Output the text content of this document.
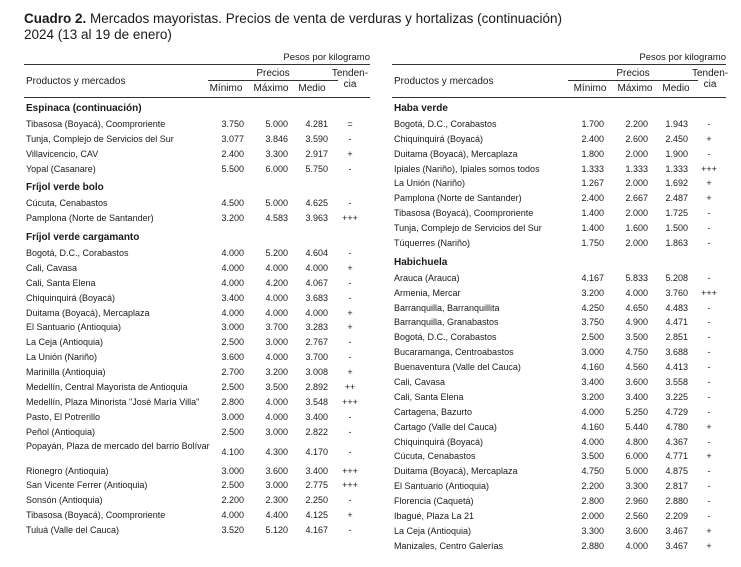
Cuadro 2. Mercados mayoristas. Precios de venta de verduras y hortalizas (continuación)
2024 (13 al 19 de enero)
Pesos por kilogramo
Precios
Productos y mercados
Mínimo	Máximo Medio
Tenden-
cia
Espinaca (continuación)
Tibasosa (Boyacá), Coomproriente	3.750	5.000	4.281	=
Tunja, Complejo de Servicios del Sur	3.077	3.846	3.590	-
Villavicencio, CAV	2.400	3.300	2.917	+
Yopal (Casanare)	5.500	6.000	5.750	-
Fríjol verde bolo
Cúcuta, Cenabastos	4.500	5.000	4.625	-
Pamplona (Norte de Santander)	3.200	4.583	3.963	+++
Fríjol verde cargamanto
Bogotá, D.C., Corabastos	4.000	5.200	4.604	-
Cali, Cavasa	4.000	4.000	4.000	+
Cali, Santa Elena	4.000	4.200	4.067	-
Chiquinquirá (Boyacá)	3.400	4.000	3.683	-
Duitama (Boyacá), Mercaplaza	4.000	4.000	4.000	+
El Santuario (Antioquia)	3.000	3.700	3.283	+
La Ceja (Antioquia)	2.500	3.000	2.767	-
La Unión (Nariño)	3.600	4.000	3.700	-
Marinilla (Antioquia)	2.700	3.200	3.008	+
Medellín, Central Mayorista de Antioquia	2.500	3.500	2.892	++
Medellín, Plaza Minorista "José María Villa"	2.800	4.000	3.548	+++
Pasto, El Potrerillo	3.000	4.000	3.400	-
Peñol (Antioquia)	2.500	3.000	2.822	-
Popayán, Plaza de mercado del barrio Bolívar
4.100	4.300	4.170	-
Rionegro (Antioquia)	3.000	3.600	3.400	+++
San Vicente Ferrer (Antioquia)	2.500	3.000	2.775	+++
Sonsón (Antioquia)	2.200	2.300	2.250	-
Tibasosa (Boyacá), Coomproriente	4.000	4.400	4.125	+
Tuluá (Valle del Cauca)	3.520	5.120	4.167	-
Pesos por kilogramo
Precios
Productos y mercados
Mínimo	Máximo Medio
Tenden-
cia
Haba verde
Bogotá, D.C., Corabastos	1.700	2.200	1.943	-
Chiquinquirá (Boyacá)	2.400	2.600	2.450	+
Duitama (Boyacá), Mercaplaza	1.800	2.000	1.900	-
Ipiales (Nariño), Ipiales somos todos	1.333	1.333	1.333	+++
La Unión (Nariño)	1.267	2.000	1.692	+
Pamplona (Norte de Santander)	2.400	2.667	2.487	+
Tibasosa (Boyacá), Coomproriente	1.400	2.000	1.725	-
Tunja, Complejo de Servicios del Sur	1.400	1.600	1.500	-
Túquerres (Nariño)	1.750	2.000	1.863	-
Habichuela
Arauca (Arauca)	4.167	5.833	5.208	-
Armenia, Mercar	3.200	4.000	3.760	+++
Barranquilla, Barranquillita	4.250	4.650	4.483	-
Barranquilla, Granabastos	3.750	4.900	4.471	-
Bogotá, D.C., Corabastos	2.500	3.500	2.851	-
Bucaramanga, Centroabastos	3.000	4.750	3.688	-
Buenaventura (Valle del Cauca)	4.160	4.560	4.413	-
Cali, Cavasa	3.400	3.600	3.558	-
Cali, Santa Elena	3.200	3.400	3.225	-
Cartagena, Bazurto	4.000	5.250	4.729	-
Cartago (Valle del Cauca)	4.160	5.440	4.780	+
Chiquinquirá (Boyacá)	4.000	4.800	4.367	-
Cúcuta, Cenabastos	3.500	6.000	4.771	+
Duitama (Boyacá), Mercaplaza	4.750	5.000	4.875	-
El Santuario (Antioquia)	2.200	3.300	2.817	-
Florencia (Caquetá)	2.800	2.960	2.880	-
Ibagué, Plaza La 21	2.000	2.560	2.209	-
La Ceja (Antioquia)	3.300	3.600	3.467	+
Manizales, Centro Galerías	2.880	4.000	3.467	+
